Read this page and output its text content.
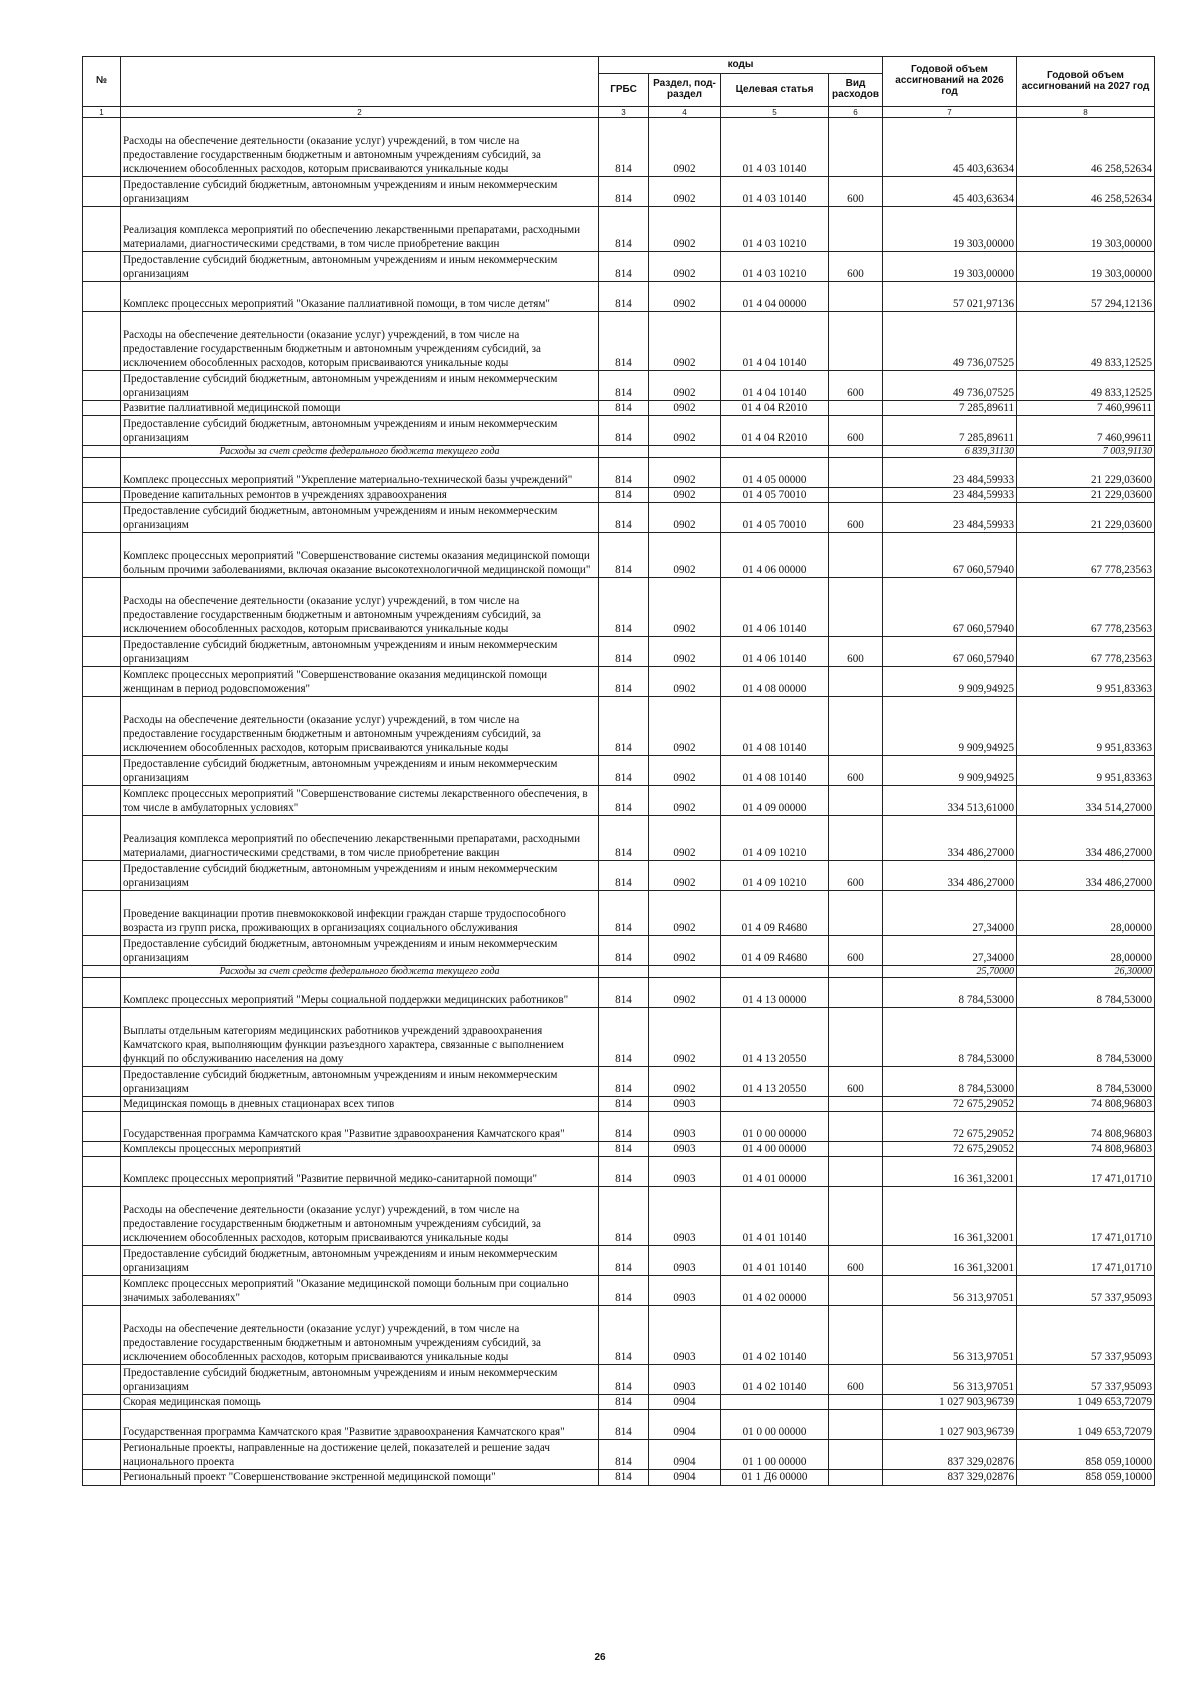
№		коды				Годовой объем ассигнований на 2026 год	Годовой объем ассигнований на 2027 год
		ГРБС	Раздел, под-раздел	Целевая статья	Вид расходов		
1	2	3	4	5	6	7	8
	Расходы на обеспечение деятельности (оказание услуг) учреждений, в том числе на предоставление государственным бюджетным и автономным учреждениям субсидий, за исключением обособленных расходов, которым присваиваются уникальные коды	814	0902	01 4 03 10140		45 403,63634	46 258,52634
	Предоставление субсидий бюджетным, автономным учреждениям и иным некоммерческим организациям	814	0902	01 4 03 10140	600	45 403,63634	46 258,52634
	Реализация комплекса мероприятий по обеспечению лекарственными препаратами, расходными материалами, диагностическими средствами, в том числе приобретение вакцин	814	0902	01 4 03 10210		19 303,00000	19 303,00000
	Предоставление субсидий бюджетным, автономным учреждениям и иным некоммерческим организациям	814	0902	01 4 03 10210	600	19 303,00000	19 303,00000
	Комплекс процессных мероприятий "Оказание паллиативной помощи, в том числе детям"	814	0902	01 4 04 00000		57 021,97136	57 294,12136
	Расходы на обеспечение деятельности (оказание услуг) учреждений, в том числе на предоставление государственным бюджетным и автономным учреждениям субсидий, за исключением обособленных расходов, которым присваиваются уникальные коды	814	0902	01 4 04 10140		49 736,07525	49 833,12525
	Предоставление субсидий бюджетным, автономным учреждениям и иным некоммерческим организациям	814	0902	01 4 04 10140	600	49 736,07525	49 833,12525
	Развитие паллиативной медицинской помощи	814	0902	01 4 04 R2010		7 285,89611	7 460,99611
	Предоставление субсидий бюджетным, автономным учреждениям и иным некоммерческим организациям	814	0902	01 4 04 R2010	600	7 285,89611	7 460,99611
	Расходы за счет средств федерального бюджета текущего года					6 839,31130	7 003,91130
	Комплекс процессных мероприятий "Укрепление материально-технической базы учреждений"	814	0902	01 4 05 00000		23 484,59933	21 229,03600
	Проведение капитальных ремонтов в учреждениях здравоохранения	814	0902	01 4 05 70010		23 484,59933	21 229,03600
	Предоставление субсидий бюджетным, автономным учреждениям и иным некоммерческим организациям	814	0902	01 4 05 70010	600	23 484,59933	21 229,03600
	Комплекс процессных мероприятий "Совершенствование системы оказания медицинской помощи больным прочими заболеваниями, включая оказание высокотехнологичной медицинской помощи"	814	0902	01 4 06 00000		67 060,57940	67 778,23563
	Расходы на обеспечение деятельности (оказание услуг) учреждений, в том числе на предоставление государственным бюджетным и автономным учреждениям субсидий, за исключением обособленных расходов, которым присваиваются уникальные коды	814	0902	01 4 06 10140		67 060,57940	67 778,23563
	Предоставление субсидий бюджетным, автономным учреждениям и иным некоммерческим организациям	814	0902	01 4 06 10140	600	67 060,57940	67 778,23563
	Комплекс процессных мероприятий "Совершенствование оказания медицинской помощи женщинам в период родовспоможения"	814	0902	01 4 08 00000		9 909,94925	9 951,83363
	Расходы на обеспечение деятельности (оказание услуг) учреждений, в том числе на предоставление государственным бюджетным и автономным учреждениям субсидий, за исключением обособленных расходов, которым присваиваются уникальные коды	814	0902	01 4 08 10140		9 909,94925	9 951,83363
	Предоставление субсидий бюджетным, автономным учреждениям и иным некоммерческим организациям	814	0902	01 4 08 10140	600	9 909,94925	9 951,83363
	Комплекс процессных мероприятий "Совершенствование системы лекарственного обеспечения, в том числе в амбулаторных условиях"	814	0902	01 4 09 00000		334 513,61000	334 514,27000
	Реализация комплекса мероприятий по обеспечению лекарственными препаратами, расходными материалами, диагностическими средствами, в том числе приобретение вакцин	814	0902	01 4 09 10210		334 486,27000	334 486,27000
	Предоставление субсидий бюджетным, автономным учреждениям и иным некоммерческим организациям	814	0902	01 4 09 10210	600	334 486,27000	334 486,27000
	Проведение вакцинации против пневмококковой инфекции граждан старше трудоспособного возраста из групп риска, проживающих в организациях социального обслуживания	814	0902	01 4 09 R4680		27,34000	28,00000
	Предоставление субсидий бюджетным, автономным учреждениям и иным некоммерческим организациям	814	0902	01 4 09 R4680	600	27,34000	28,00000
	Расходы за счет средств федерального бюджета текущего года					25,70000	26,30000
	Комплекс процессных мероприятий "Меры социальной поддержки медицинских работников"	814	0902	01 4 13 00000		8 784,53000	8 784,53000
	Выплаты отдельным категориям медицинских работников учреждений здравоохранения Камчатского края, выполняющим функции разъездного характера, связанные с выполнением функций по обслуживанию населения на дому	814	0902	01 4 13 20550		8 784,53000	8 784,53000
	Предоставление субсидий бюджетным, автономным учреждениям и иным некоммерческим организациям	814	0902	01 4 13 20550	600	8 784,53000	8 784,53000
	Медицинская помощь в дневных стационарах всех типов	814	0903			72 675,29052	74 808,96803
	Государственная программа Камчатского края "Развитие здравоохранения Камчатского края"	814	0903	01 0 00 00000		72 675,29052	74 808,96803
	Комплексы процессных мероприятий	814	0903	01 4 00 00000		72 675,29052	74 808,96803
	Комплекс процессных мероприятий "Развитие первичной медико-санитарной помощи"	814	0903	01 4 01 00000		16 361,32001	17 471,01710
	Расходы на обеспечение деятельности (оказание услуг) учреждений, в том числе на предоставление государственным бюджетным и автономным учреждениям субсидий, за исключением обособленных расходов, которым присваиваются уникальные коды	814	0903	01 4 01 10140		16 361,32001	17 471,01710
	Предоставление субсидий бюджетным, автономным учреждениям и иным некоммерческим организациям	814	0903	01 4 01 10140	600	16 361,32001	17 471,01710
	Комплекс процессных мероприятий "Оказание медицинской помощи больным при социально значимых заболеваниях"	814	0903	01 4 02 00000		56 313,97051	57 337,95093
	Расходы на обеспечение деятельности (оказание услуг) учреждений, в том числе на предоставление государственным бюджетным и автономным учреждениям субсидий, за исключением обособленных расходов, которым присваиваются уникальные коды	814	0903	01 4 02 10140		56 313,97051	57 337,95093
	Предоставление субсидий бюджетным, автономным учреждениям и иным некоммерческим организациям	814	0903	01 4 02 10140	600	56 313,97051	57 337,95093
	Скорая медицинская помощь	814	0904			1 027 903,96739	1 049 653,72079
	Государственная программа Камчатского края "Развитие здравоохранения Камчатского края"	814	0904	01 0 00 00000		1 027 903,96739	1 049 653,72079
	Региональные проекты, направленные на достижение целей, показателей и решение задач национального проекта	814	0904	01 1 00 00000		837 329,02876	858 059,10000
	Региональный проект "Совершенствование экстренной медицинской помощи"	814	0904	01 1 Д6 00000		837 329,02876	858 059,10000
26
